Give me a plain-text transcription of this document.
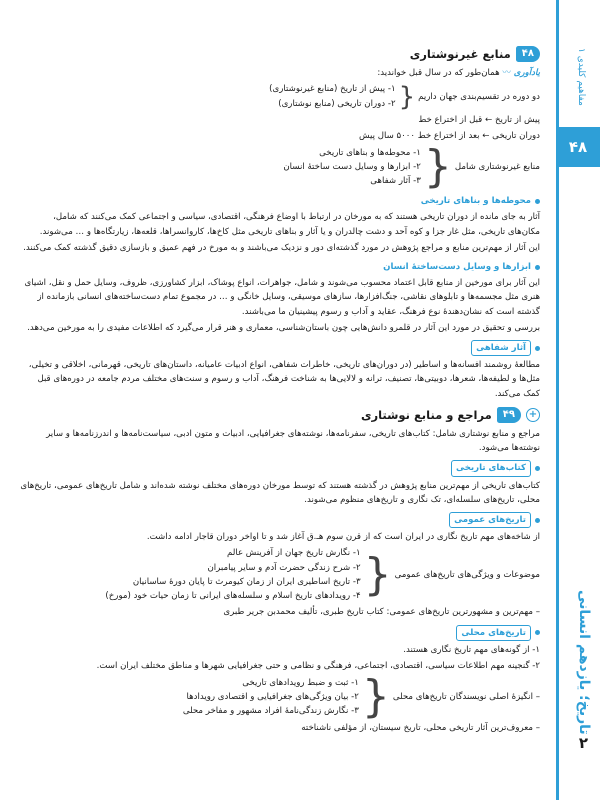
مفاهیم کلیدی ۱
۴۸
تاریخ؛ یازدهم انسانی
۲
۴۸
منابع غیرنوشتاری

یادآوری 〰 همان‌طور که در سال قبل خواندید:

دو دوره در تقسیم‌بندی جهان داریم
{
۱- پیش از تاریخ (منابع غیرنوشتاری)
۲- دوران تاریخی (منابع نوشتاری)

پیش از تاریخ ← قبل از اختراع خط

دوران تاریخی ← بعد از اختراع خط ۵۰۰۰ سال پیش

منابع غیرنوشتاری شامل
{
۱- محوطه‌ها و بناهای تاریخی
۲- ابزارها و وسایل دست ساختهٔ انسان
۳- آثار شفاهی
محوطه‌ها و بناهای تاریخی

آثار به جای مانده از دوران تاریخی هستند که به مورخان در ارتباط با اوضاع فرهنگی، اقتصادی، سیاسی و اجتماعی کمک می‌کنند که شامل، مکان‌های تاریخی، مثل غار جزا و کوه آحد و دشت چالدران و یا آثار و بناهای تاریخی مثل کاخ‌ها، کاروانسراها، قلعه‌ها، زیارتگاه‌ها و … می‌شوند.

این آثار از مهم‌ترین منابع و مراجع پژوهش در مورد گذشته‌ای دور و نزدیک می‌باشند و به مورخ در فهم عمیق و بازسازی دقیق گذشته کمک می‌کنند.

ابزارها و وسایل دست‌ساختهٔ انسان

این آثار برای مورخین از منابع قابل اعتماد محسوب می‌شوند و شامل، جواهرات، انواع پوشاک، ابزار کشاورزی، ظروف، وسایل حمل و نقل، اشیای هنری مثل مجسمه‌ها و تابلوهای نقاشی، جنگ‌افزارها، سازهای موسیقی، وسایل خانگی و … در مجموع تمام دست‌ساخته‌های انسانی بازمانده از گذشته است که نشان‌دهندهٔ نوع فرهنگ، عقاید و آداب و رسوم پیشینیان ما می‌باشند.

بررسی و تحقیق در مورد این آثار در قلمرو دانش‌هایی چون باستان‌شناسی، معماری و هنر قرار می‌گیرد که اطلاعات مفیدی را به مورخین می‌دهد.

آثار شفاهی

مطالعهٔ روشمند افسانه‌ها و اساطیر (در دوران‌های تاریخی، خاطرات شفاهی، انواع ادبیات عامیانه، داستان‌های تاریخی، قهرمانی، اخلاقی و تخیلی، مثل‌ها و لطیفه‌ها، شعرها، دوبیتی‌ها، تصنیف، ترانه و لالایی‌ها به شناخت فرهنگ، آداب و رسوم و سنت‌های مختلف مردم جامعه در دوره‌های قبل کمک می‌کند.

+
۴۹
مراجع و منابع نوشتاری

مراجع و منابع نوشتاری شامل: کتاب‌های تاریخی، سفرنامه‌ها، نوشته‌های جغرافیایی، ادبیات و متون ادبی، سیاست‌نامه‌ها و اندرزنامه‌ها و سایر نوشته‌ها می‌شود.

کتاب‌های تاریخی

کتاب‌های تاریخی از مهم‌ترین منابع پژوهش در گذشته هستند که توسط مورخان دوره‌های مختلف نوشته شده‌اند و شامل تاریخ‌های عمومی، تاریخ‌های محلی، تاریخ‌های سلسله‌ای، تک نگاری و تاریخ‌های منظوم می‌شوند.

تاریخ‌های عمومی

از شاخه‌های مهم تاریخ نگاری در ایران است که از قرن سوم هـ.ق آغاز شد و تا اواخر دوران قاجار ادامه داشت.

موضوعات و ویژگی‌های تاریخ‌های عمومی
{
۱- نگارش تاریخ جهان از آفرینش عالم
۲- شرح زندگی حضرت آدم و سایر پیامبران
۳- تاریخ اساطیری ایران از زمان کیومرث تا پایان دورهٔ ساسانیان
۴- رویدادهای تاریخ اسلام و سلسله‌های ایرانی تا زمان حیات خود (مورخ)

– مهم‌ترین و مشهورترین تاریخ‌های عمومی: کتاب تاریخ طبری، تألیف محمدبن جریر طبری

تاریخ‌های محلی

۱- از گونه‌های مهم تاریخ نگاری هستند.

۲- گنجینه مهم اطلاعات سیاسی، اقتصادی، اجتماعی، فرهنگی و نظامی و حتی جغرافیایی شهرها و مناطق مختلف ایران است.

– انگیزهٔ اصلی نویسندگان تاریخ‌های محلی
{
۱- ثبت و ضبط رویدادهای تاریخی
۲- بیان ویژگی‌های جغرافیایی و اقتصادی رویدادها
۳- نگارش زندگی‌نامهٔ افراد مشهور و مفاخر محلی

– معروف‌ترین آثار تاریخی محلی، تاریخ سیستان، از مؤلفی ناشناخته
